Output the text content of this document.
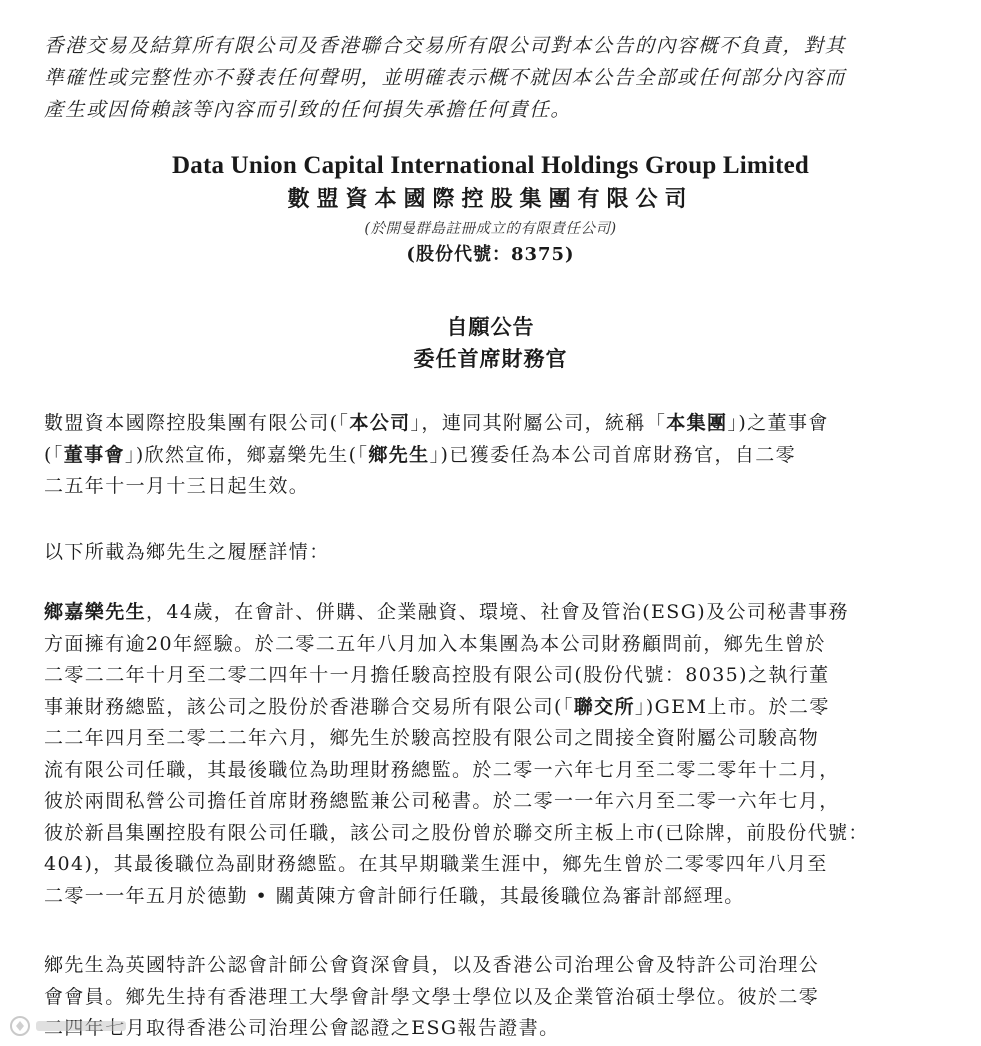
香港交易及結算所有限公司及香港聯合交易所有限公司對本公告的內容概不負責，對其

準確性或完整性亦不發表任何聲明，並明確表示概不就因本公告全部或任何部分內容而

產生或因倚賴該等內容而引致的任何損失承擔任何責任。

Data Union Capital International Holdings Group Limited
數盟資本國際控股集團有限公司
(於開曼群島註冊成立的有限責任公司)
(股份代號：8375)
自願公告
委任首席財務官

數盟資本國際控股集團有限公司(「本公司」，連同其附屬公司，統稱「本集團」)之董事會

(「董事會」)欣然宣佈，鄉嘉樂先生(「鄉先生」)已獲委任為本公司首席財務官，自二零

二五年十一月十三日起生效。

以下所載為鄉先生之履歷詳情：

鄉嘉樂先生，44歲，在會計、併購、企業融資、環境、社會及管治(ESG)及公司秘書事務

方面擁有逾20年經驗。於二零二五年八月加入本集團為本公司財務顧問前，鄉先生曾於

二零二二年十月至二零二四年十一月擔任駿高控股有限公司(股份代號：8035)之執行董

事兼財務總監，該公司之股份於香港聯合交易所有限公司(「聯交所」)GEM上市。於二零

二二年四月至二零二二年六月，鄉先生於駿高控股有限公司之間接全資附屬公司駿高物

流有限公司任職，其最後職位為助理財務總監。於二零一六年七月至二零二零年十二月，

彼於兩間私營公司擔任首席財務總監兼公司秘書。於二零一一年六月至二零一六年七月，

彼於新昌集團控股有限公司任職，該公司之股份曾於聯交所主板上市(已除牌，前股份代號：

404)，其最後職位為副財務總監。在其早期職業生涯中，鄉先生曾於二零零四年八月至

二零一一年五月於德勤 • 關黃陳方會計師行任職，其最後職位為審計部經理。

鄉先生為英國特許公認會計師公會資深會員，以及香港公司治理公會及特許公司治理公

會會員。鄉先生持有香港理工大學會計學文學士學位以及企業管治碩士學位。彼於二零

二四年七月取得香港公司治理公會認證之ESG報告證書。
